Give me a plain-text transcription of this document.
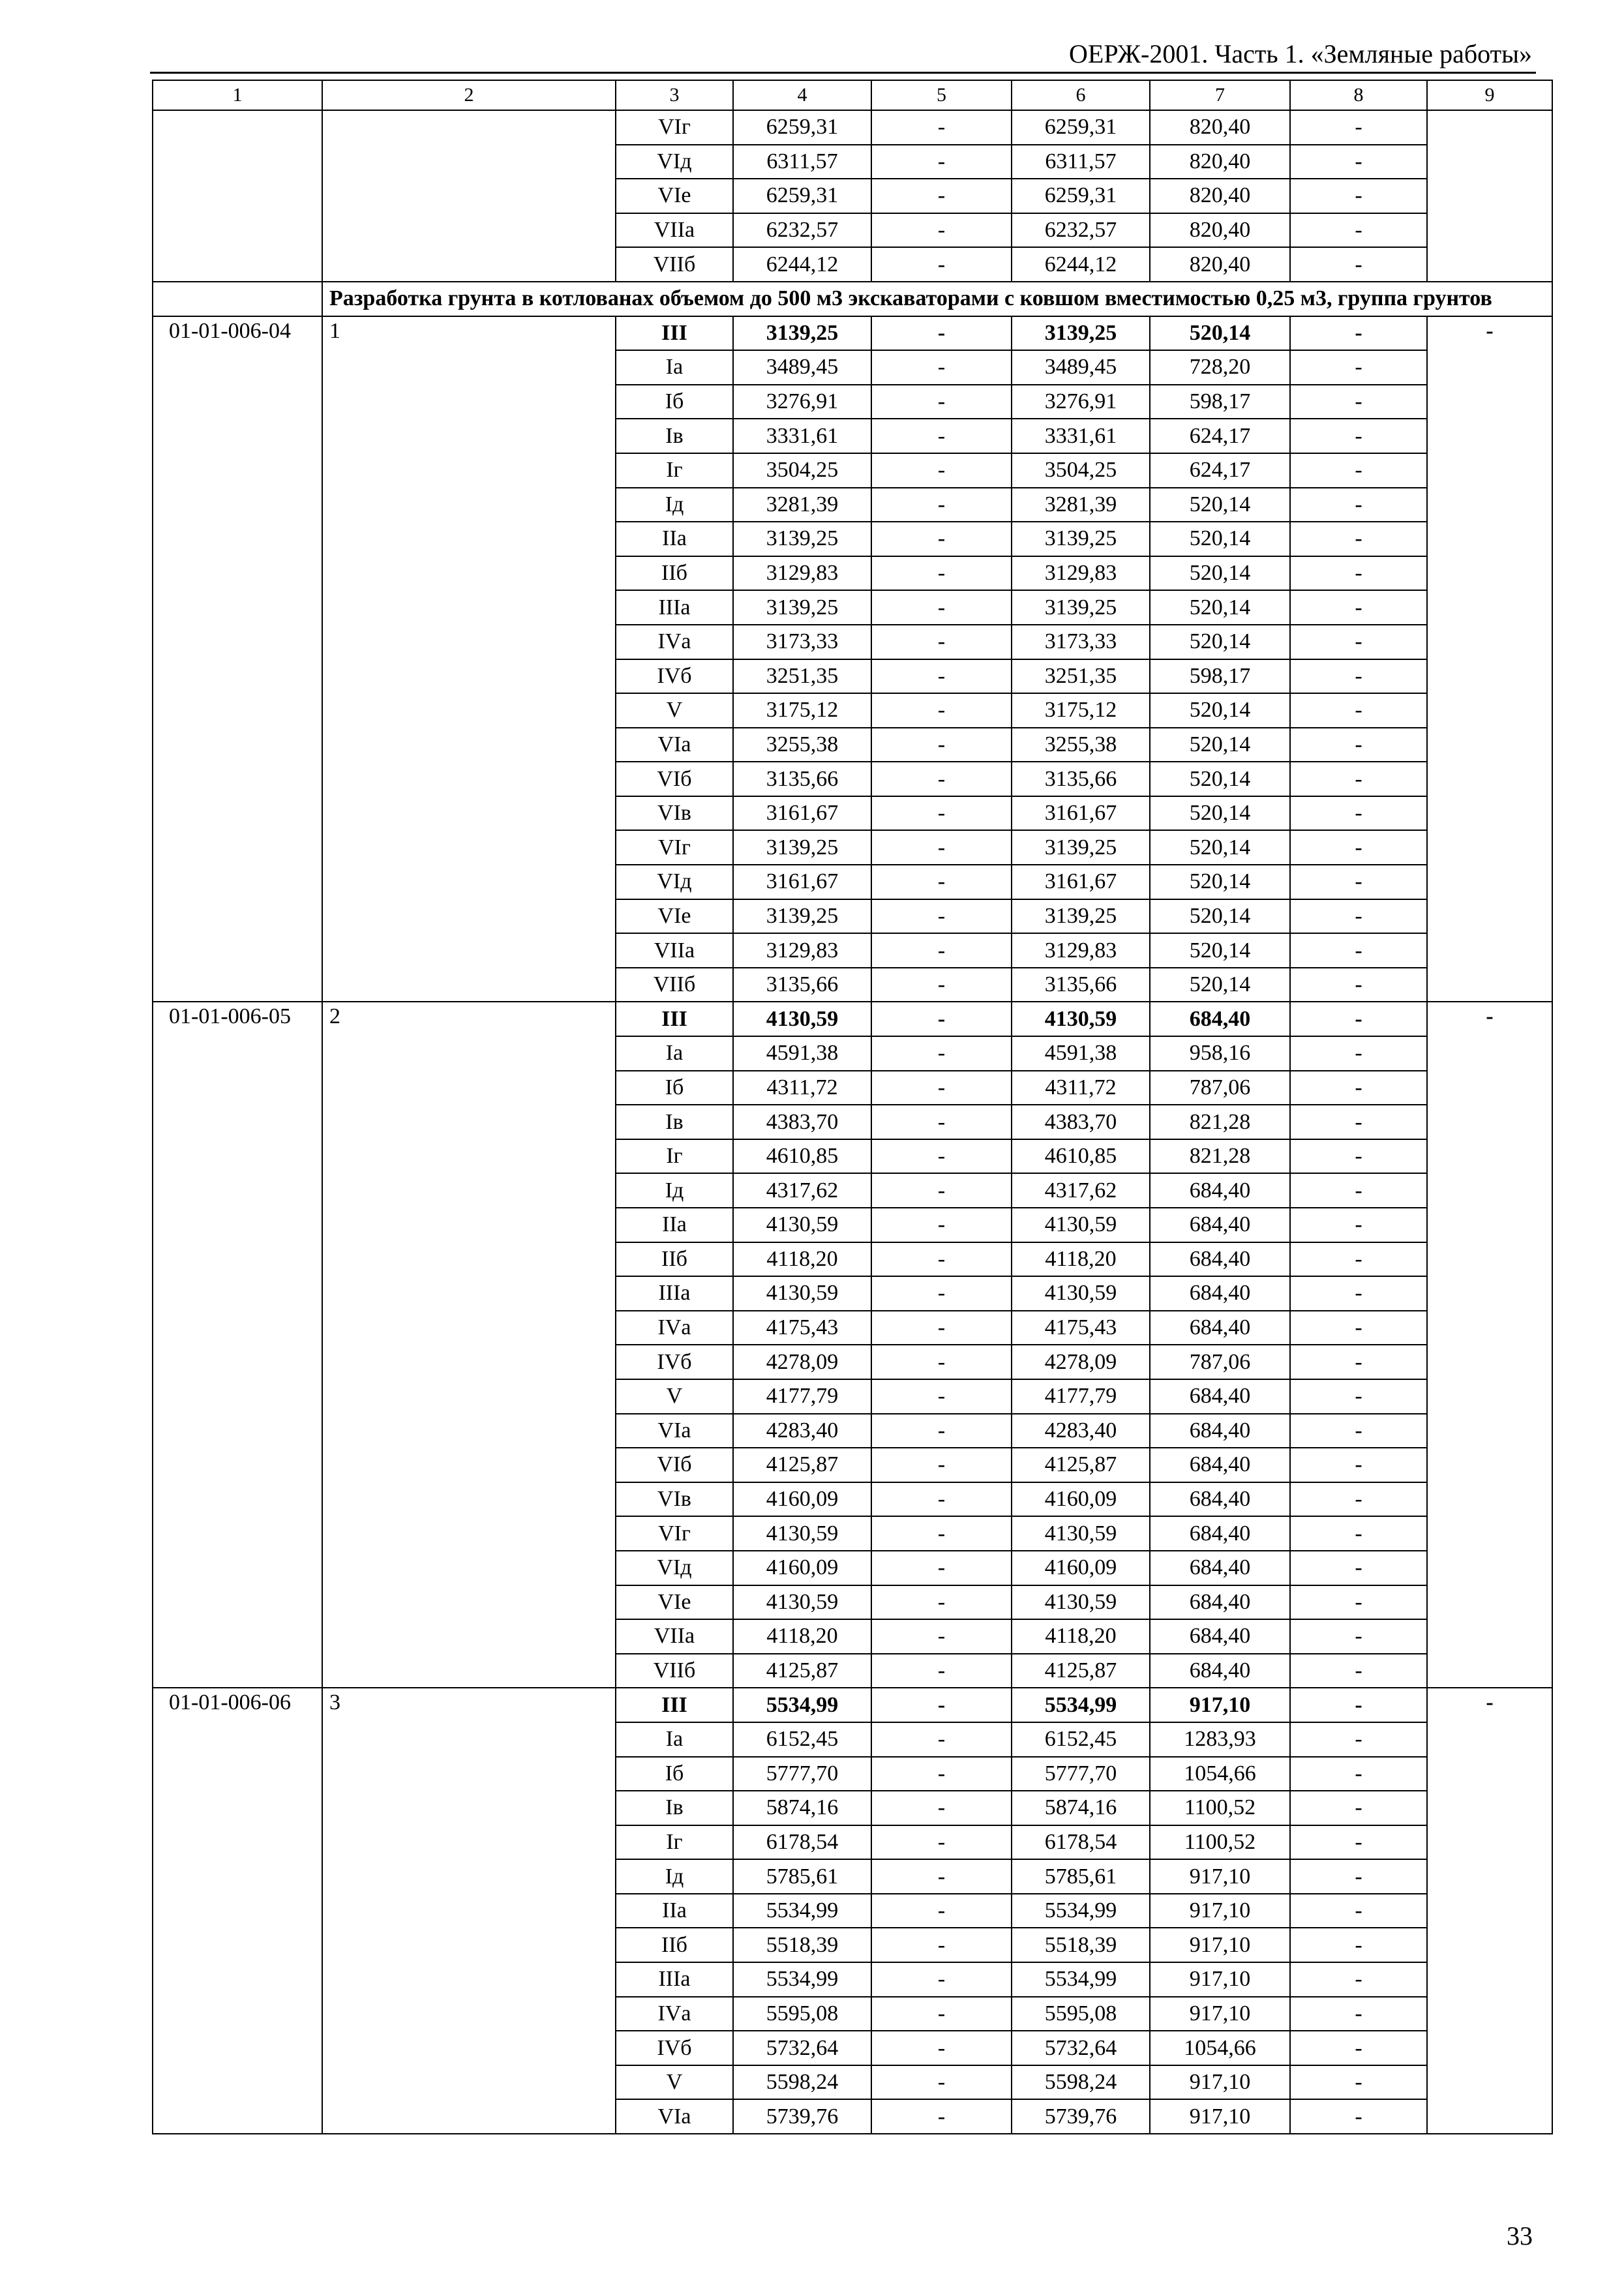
ОЕРЖ-2001. Часть 1. «Земляные работы»
1	2	3	4	5	6	7	8	9
		VIг	6259,31	-	6259,31	820,40	-	
		VIд	6311,57	-	6311,57	820,40	-	
		VIе	6259,31	-	6259,31	820,40	-	
		VIIа	6232,57	-	6232,57	820,40	-	
		VIIб	6244,12	-	6244,12	820,40	-	
	Разработка грунта в котлованах объемом до 500 м3 экскаваторами с ковшом вместимостью 0,25 м3, группа грунтов							
01-01-006-04	1	III	3139,25	-	3139,25	520,14	-	-
		Iа	3489,45	-	3489,45	728,20	-	
		Iб	3276,91	-	3276,91	598,17	-	
		Iв	3331,61	-	3331,61	624,17	-	
		Iг	3504,25	-	3504,25	624,17	-	
		Iд	3281,39	-	3281,39	520,14	-	
		IIа	3139,25	-	3139,25	520,14	-	
		IIб	3129,83	-	3129,83	520,14	-	
		IIIа	3139,25	-	3139,25	520,14	-	
		IVа	3173,33	-	3173,33	520,14	-	
		IVб	3251,35	-	3251,35	598,17	-	
		V	3175,12	-	3175,12	520,14	-	
		VIа	3255,38	-	3255,38	520,14	-	
		VIб	3135,66	-	3135,66	520,14	-	
		VIв	3161,67	-	3161,67	520,14	-	
		VIг	3139,25	-	3139,25	520,14	-	
		VIд	3161,67	-	3161,67	520,14	-	
		VIе	3139,25	-	3139,25	520,14	-	
		VIIа	3129,83	-	3129,83	520,14	-	
		VIIб	3135,66	-	3135,66	520,14	-	
01-01-006-05	2	III	4130,59	-	4130,59	684,40	-	-
		Iа	4591,38	-	4591,38	958,16	-	
		Iб	4311,72	-	4311,72	787,06	-	
		Iв	4383,70	-	4383,70	821,28	-	
		Iг	4610,85	-	4610,85	821,28	-	
		Iд	4317,62	-	4317,62	684,40	-	
		IIа	4130,59	-	4130,59	684,40	-	
		IIб	4118,20	-	4118,20	684,40	-	
		IIIа	4130,59	-	4130,59	684,40	-	
		IVа	4175,43	-	4175,43	684,40	-	
		IVб	4278,09	-	4278,09	787,06	-	
		V	4177,79	-	4177,79	684,40	-	
		VIа	4283,40	-	4283,40	684,40	-	
		VIб	4125,87	-	4125,87	684,40	-	
		VIв	4160,09	-	4160,09	684,40	-	
		VIг	4130,59	-	4130,59	684,40	-	
		VIд	4160,09	-	4160,09	684,40	-	
		VIе	4130,59	-	4130,59	684,40	-	
		VIIа	4118,20	-	4118,20	684,40	-	
		VIIб	4125,87	-	4125,87	684,40	-	
01-01-006-06	3	III	5534,99	-	5534,99	917,10	-	-
		Iа	6152,45	-	6152,45	1283,93	-	
		Iб	5777,70	-	5777,70	1054,66	-	
		Iв	5874,16	-	5874,16	1100,52	-	
		Iг	6178,54	-	6178,54	1100,52	-	
		Iд	5785,61	-	5785,61	917,10	-	
		IIа	5534,99	-	5534,99	917,10	-	
		IIб	5518,39	-	5518,39	917,10	-	
		IIIа	5534,99	-	5534,99	917,10	-	
		IVа	5595,08	-	5595,08	917,10	-	
		IVб	5732,64	-	5732,64	1054,66	-	
		V	5598,24	-	5598,24	917,10	-	
		VIа	5739,76	-	5739,76	917,10	-	
33
